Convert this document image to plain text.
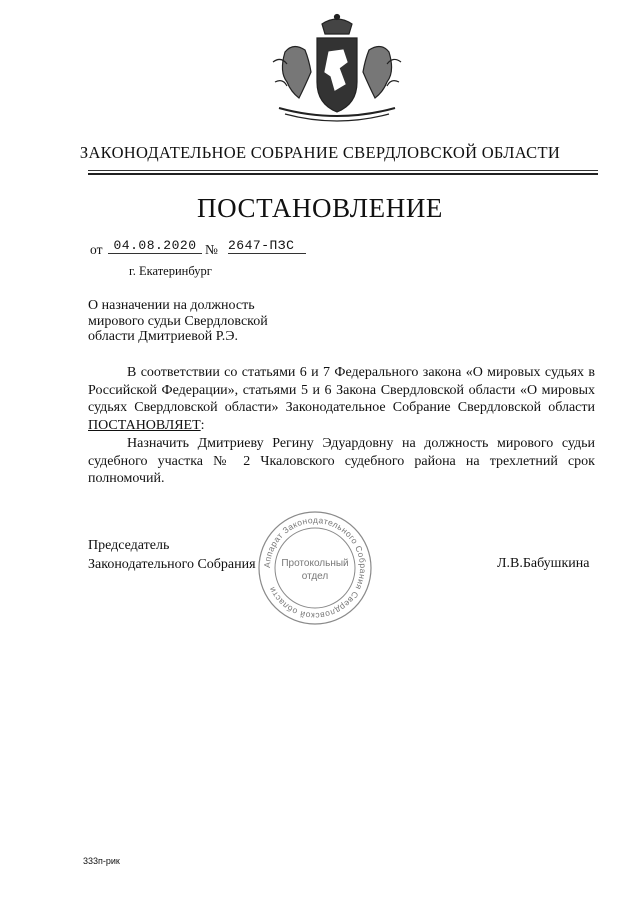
ЗАКОНОДАТЕЛЬНОЕ СОБРАНИЕ СВЕРДЛОВСКОЙ ОБЛАСТИ
ПОСТАНОВЛЕНИЕ
от 04.08.2020 № 2647-ПЗС
г. Екатеринбург
О назначении на должность
мирового судьи Свердловской
области Дмитриевой Р.Э.

В соответствии со статьями 6 и 7 Федерального закона «О мировых судьях в Российской Федерации», статьями 5 и 6 Закона Свердловской области «О мировых судьях Свердловской области» Законодательное Собрание Свердловской области ПОСТАНОВЛЯЕТ:

Назначить Дмитриеву Регину Эдуардовну на должность мирового судьи судебного участка № 2 Чкаловского судебного района на трехлетний срок полномочий.

Председатель
Законодательного Собрания	Л.В.Бабушкина
Аппарат Законодательного Собрания Свердловской области
Протокольный
отдел
Протокольный отдел
333п-рик
